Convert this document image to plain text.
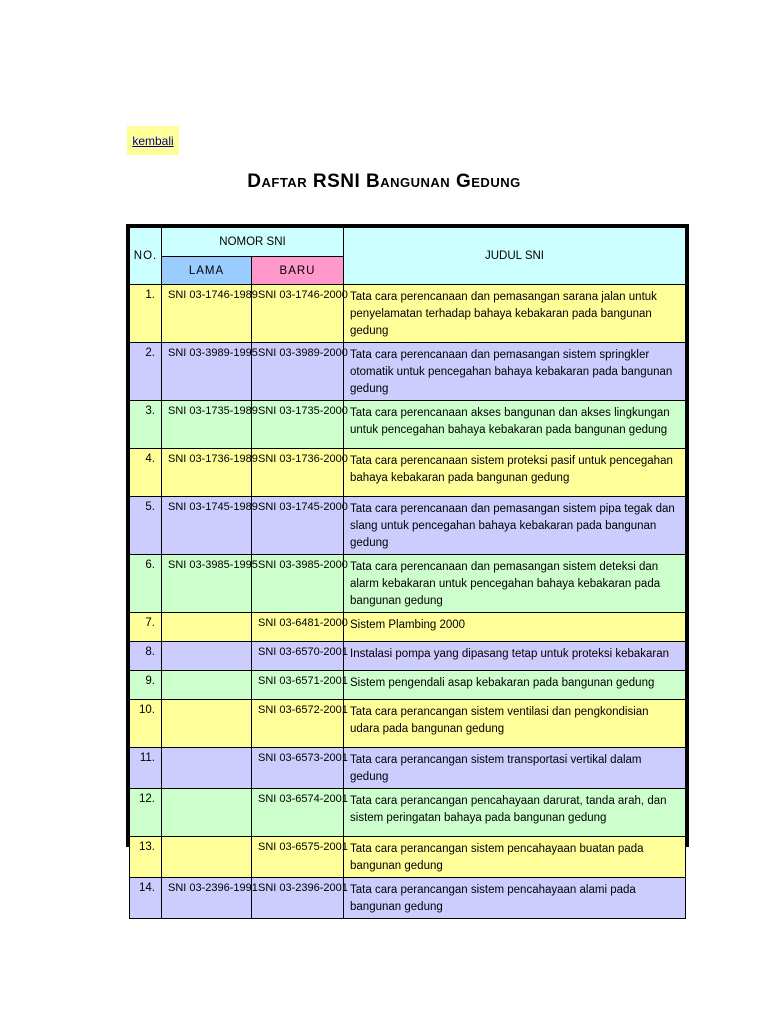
kembali
Daftar RSNI Bangunan Gedung
NO.	NOMOR SNI		JUDUL SNI
	LAMA	BARU	
1.	SNI 03-1746-1989	SNI 03-1746-2000	Tata cara perencanaan dan pemasangan sarana jalan untuk penyelamatan terhadap bahaya kebakaran pada bangunan gedung
2.	SNI 03-3989-1995	SNI 03-3989-2000	Tata cara perencanaan dan pemasangan sistem springkler otomatik untuk pencegahan bahaya kebakaran pada bangunan gedung
3.	SNI 03-1735-1989	SNI 03-1735-2000	Tata cara perencanaan akses bangunan dan akses lingkungan untuk pencegahan bahaya kebakaran pada bangunan gedung
4.	SNI 03-1736-1989	SNI 03-1736-2000	Tata cara perencanaan sistem proteksi pasif untuk pencegahan bahaya kebakaran pada bangunan gedung
5.	SNI 03-1745-1989	SNI 03-1745-2000	Tata cara perencanaan dan pemasangan sistem pipa tegak dan slang untuk pencegahan bahaya kebakaran pada bangunan gedung
6.	SNI 03-3985-1995	SNI 03-3985-2000	Tata cara perencanaan dan pemasangan sistem deteksi dan alarm kebakaran untuk pencegahan bahaya kebakaran pada bangunan gedung
7.		SNI 03-6481-2000	Sistem Plambing 2000
8.		SNI 03-6570-2001	Instalasi pompa yang dipasang tetap untuk proteksi kebakaran
9.		SNI 03-6571-2001	Sistem pengendali asap kebakaran pada bangunan gedung
10.		SNI 03-6572-2001	Tata cara perancangan sistem ventilasi dan pengkondisian udara pada bangunan gedung
11.		SNI 03-6573-2001	Tata cara perancangan sistem transportasi vertikal dalam gedung
12.		SNI 03-6574-2001	Tata cara perancangan pencahayaan darurat, tanda arah, dan sistem peringatan bahaya pada bangunan gedung
13.		SNI 03-6575-2001	Tata cara perancangan sistem pencahayaan buatan pada bangunan gedung
14.	SNI 03-2396-1991	SNI 03-2396-2001	Tata cara perancangan sistem pencahayaan alami pada bangunan gedung
